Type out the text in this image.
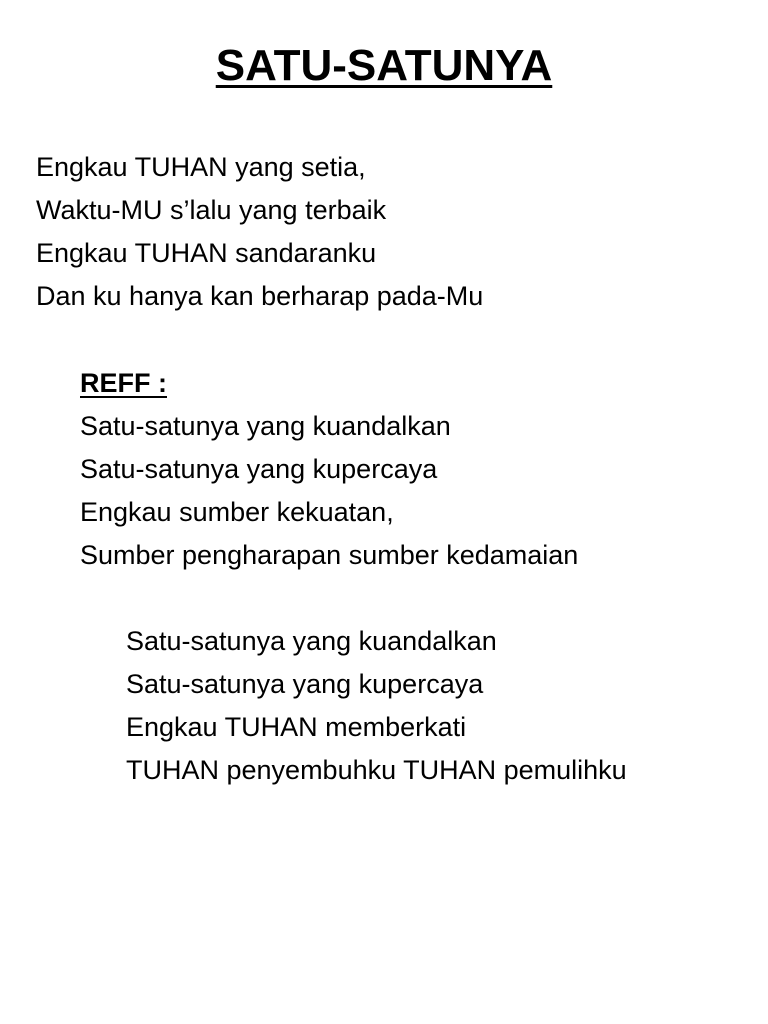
SATU-SATUNYA
Engkau TUHAN yang setia,
Waktu-MU s’lalu yang terbaik
Engkau TUHAN sandaranku
Dan ku hanya kan berharap pada-Mu
REFF :
Satu-satunya yang kuandalkan
Satu-satunya yang kupercaya
Engkau sumber kekuatan,
Sumber pengharapan sumber kedamaian
Satu-satunya yang kuandalkan
Satu-satunya yang kupercaya
Engkau TUHAN memberkati
TUHAN penyembuhku TUHAN pemulihku
